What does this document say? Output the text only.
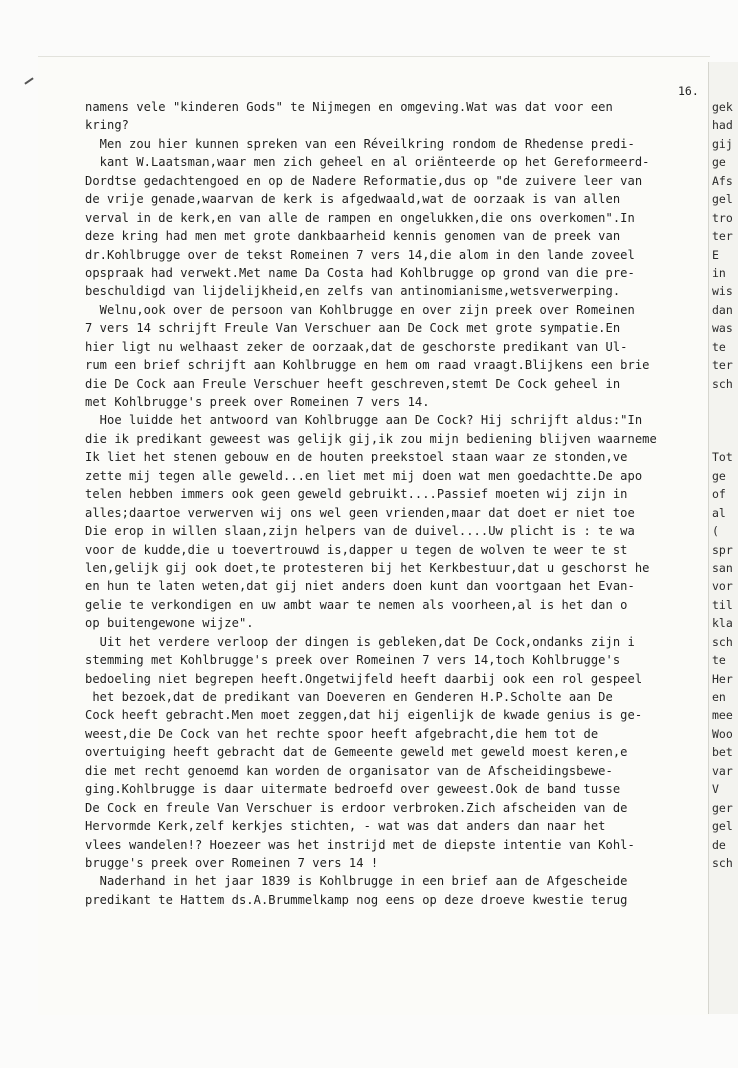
16.
namens vele "kinderen Gods" te Nijmegen en omgeving.Wat was dat voor een
kring?
Men zou hier kunnen spreken van een Réveilkring rondom de Rhedense predi-
kant W.Laatsman,waar men zich geheel en al oriënteerde op het Gereformeerd-
Dordtse gedachtengoed en op de Nadere Reformatie,dus op "de zuivere leer van
de vrije genade,waarvan de kerk is afgedwaald,wat de oorzaak is van allen
verval in de kerk,en van alle de rampen en ongelukken,die ons overkomen".In
deze kring had men met grote dankbaarheid kennis genomen van de preek van
dr.Kohlbrugge over de tekst Romeinen 7 vers 14,die alom in den lande zoveel
opspraak had verwekt.Met name Da Costa had Kohlbrugge op grond van die pre-
beschuldigd van lijdelijkheid,en zelfs van antinomianisme,wetsverwerping.
Welnu,ook over de persoon van Kohlbrugge en over zijn preek over Romeinen
7 vers 14 schrijft Freule Van Verschuer aan De Cock met grote sympatie.En
hier ligt nu welhaast zeker de oorzaak,dat de geschorste predikant van Ul-
rum een brief schrijft aan Kohlbrugge en hem om raad vraagt.Blijkens een brie
die De Cock aan Freule Verschuer heeft geschreven,stemt De Cock geheel in
met Kohlbrugge's preek over Romeinen 7 vers 14.
Hoe luidde het antwoord van Kohlbrugge aan De Cock? Hij schrijft aldus:"In
die ik predikant geweest was gelijk gij,ik zou mijn bediening blijven waarneme
Ik liet het stenen gebouw en de houten preekstoel staan waar ze stonden,ve
zette mij tegen alle geweld...en liet met mij doen wat men goedachtte.De apo
telen hebben immers ook geen geweld gebruikt....Passief moeten wij zijn in
alles;daartoe verwerven wij ons wel geen vrienden,maar dat doet er niet toe
Die erop in willen slaan,zijn helpers van de duivel....Uw plicht is : te wa
voor de kudde,die u toevertrouwd is,dapper u tegen de wolven te weer te st
len,gelijk gij ook doet,te protesteren bij het Kerkbestuur,dat u geschorst he
en hun te laten weten,dat gij niet anders doen kunt dan voortgaan het Evan-
gelie te verkondigen en uw ambt waar te nemen als voorheen,al is het dan o
op buitengewone wijze".
Uit het verdere verloop der dingen is gebleken,dat De Cock,ondanks zijn i
stemming met Kohlbrugge's preek over Romeinen 7 vers 14,toch Kohlbrugge's
bedoeling niet begrepen heeft.Ongetwijfeld heeft daarbij ook een rol gespeel
het bezoek,dat de predikant van Doeveren en Genderen H.P.Scholte aan De
Cock heeft gebracht.Men moet zeggen,dat hij eigenlijk de kwade genius is ge-
weest,die De Cock van het rechte spoor heeft afgebracht,die hem tot de
overtuiging heeft gebracht dat de Gemeente geweld met geweld moest keren,e
die met recht genoemd kan worden de organisator van de Afscheidingsbewe-
ging.Kohlbrugge is daar uitermate bedroefd over geweest.Ook de band tusse
De Cock en freule Van Verschuer is erdoor verbroken.Zich afscheiden van de
Hervormde Kerk,zelf kerkjes stichten, - wat was dat anders dan naar het
vlees wandelen!? Hoezeer was het instrijd met de diepste intentie van Kohl-
brugge's preek over Romeinen 7 vers 14 !
Naderhand in het jaar 1839 is Kohlbrugge in een brief aan de Afgescheide
predikant te Hattem ds.A.Brummelkamp nog eens op deze droeve kwestie terug
gek
had
gij
ge
Afs
gel
tro
ter
E
in
wis
dan
was
te
ter
sch
Tot
ge
of
al
(
spr
san
vor
til
kla
sch
te
Her
en
mee
Woo
bet
var
V
ger
gel
de
sch
